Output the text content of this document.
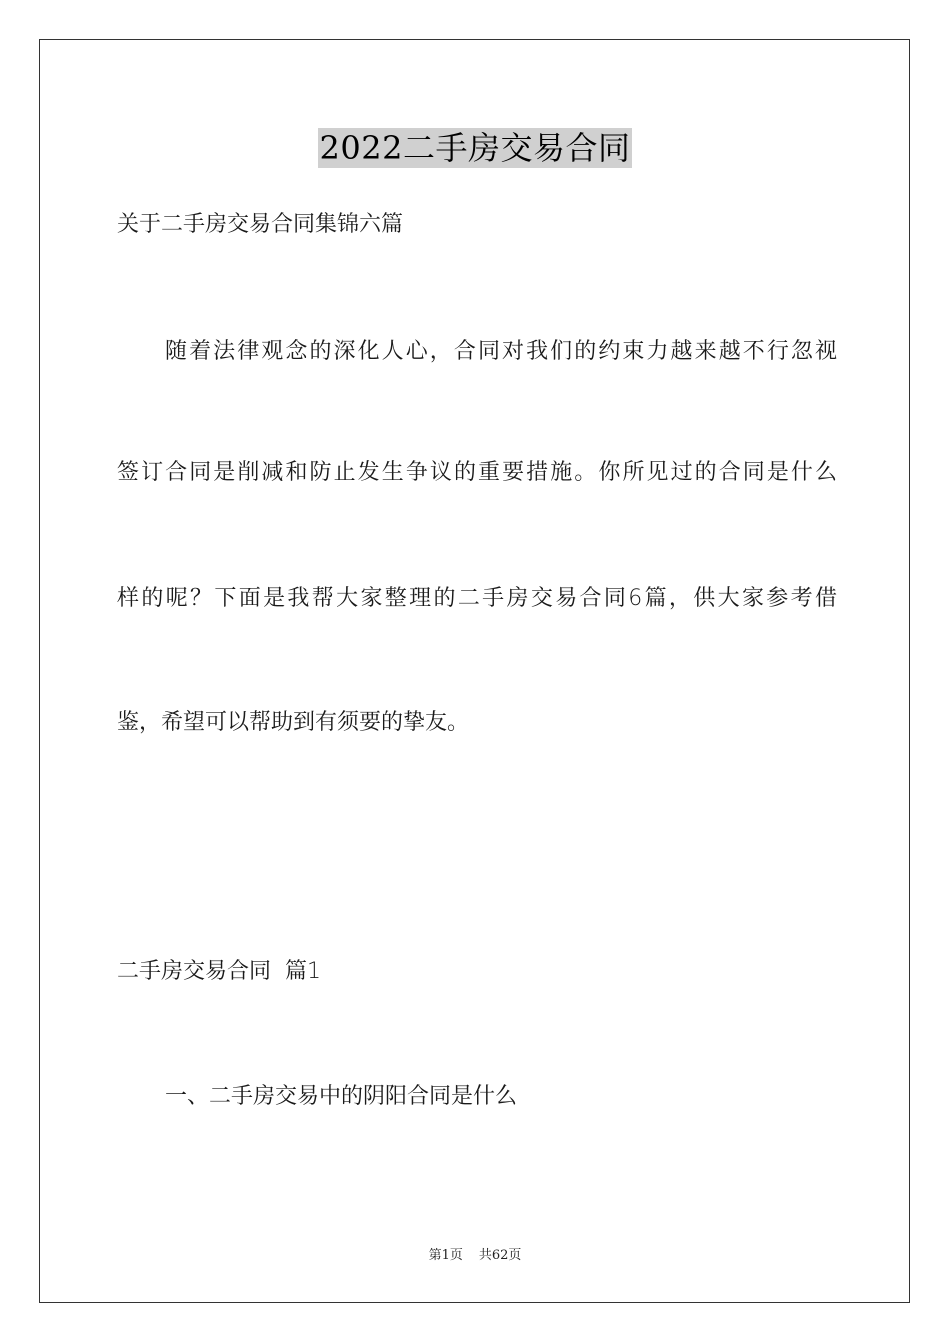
2022二手房交易合同
关于二手房交易合同集锦六篇
随着法律观念的深化人心，合同对我们的约束力越来越不行忽视
签订合同是削减和防止发生争议的重要措施。你所见过的合同是什么
样的呢？下面是我帮大家整理的二手房交易合同6篇，供大家参考借
鉴，希望可以帮助到有须要的挚友。
二手房交易合同  篇1
一、二手房交易中的阴阳合同是什么
第1页 共62页
